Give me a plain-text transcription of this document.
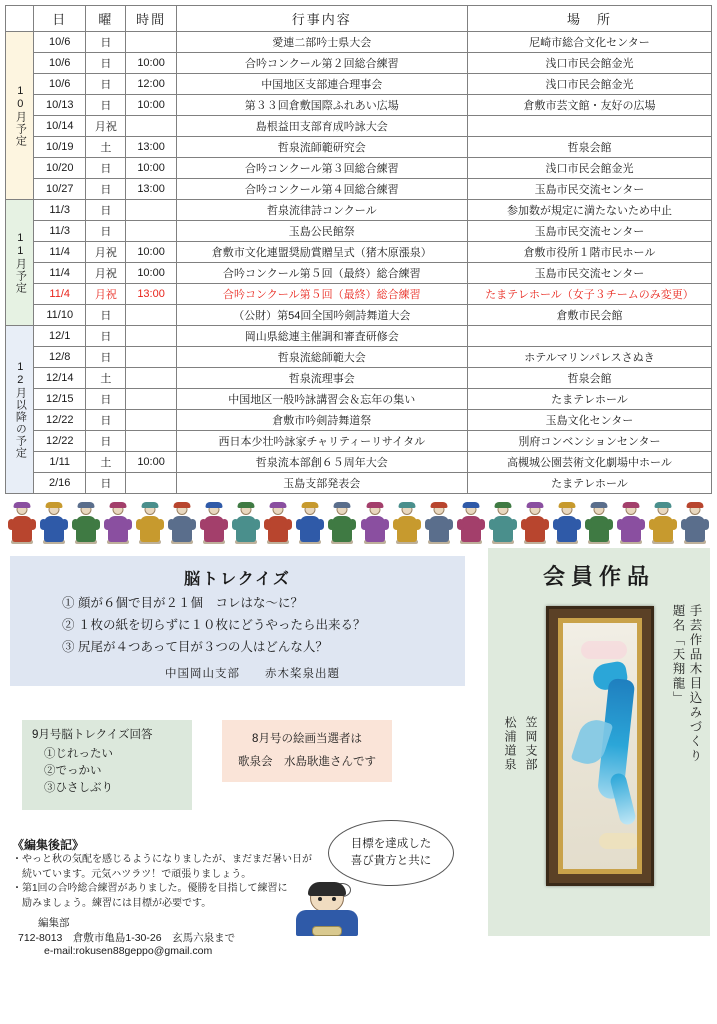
	日	曜	時間	行事内容	場　所
10月予定	10/6	日		愛連二部吟士県大会	尼崎市総合文化センター
	10/6	日	10:00	合吟コンクール第２回総合練習	浅口市民会館金光
	10/6	日	12:00	中国地区支部連合理事会	浅口市民会館金光
	10/13	日	10:00	第３３回倉敷国際ふれあい広場	倉敷市芸文館・友好の広場
	10/14	月祝		島根益田支部育成吟詠大会	
	10/19	土	13:00	哲泉流師範研究会	哲泉会館
	10/20	日	10:00	合吟コンクール第３回総合練習	浅口市民会館金光
	10/27	日	13:00	合吟コンクール第４回総合練習	玉島市民交流センター
11月予定	11/3	日		哲泉流律詩コンクール	参加数が規定に満たないため中止
	11/3	日		玉島公民館祭	玉島市民交流センター
	11/4	月祝	10:00	倉敷市文化連盟奨励賞贈呈式（猪木原漲泉）	倉敷市役所１階市民ホール
	11/4	月祝	10:00	合吟コンクール第５回（最終）総合練習	玉島市民交流センター
	11/4	月祝	13:00	合吟コンクール第５回（最終）総合練習	たまテレホール（女子３チームのみ変更）
	11/10	日		（公財）第54回全国吟剣詩舞道大会	倉敷市民会館
12月以降の予定	12/1	日		岡山県総連主催調和審査研修会	
	12/8	日		哲泉流総師範大会	ホテルマリンパレスさぬき
	12/14	土		哲泉流理事会	哲泉会館
	12/15	日		中国地区一般吟詠講習会＆忘年の集い	たまテレホール
	12/22	日		倉敷市吟剣詩舞道祭	玉島文化センター
	12/22	日		西日本少壮吟詠家チャリティーリサイタル	別府コンベンションセンター
	1/11	土	10:00	哲泉流本部創６５周年大会	高槻城公園芸術文化劇場中ホール
	2/16	日		玉島支部発表会	たまテレホール
脳トレクイズ
① 顔が６個で目が２１個　コレはな～に？
② １枚の紙を切らずに１０枚にどうやったら出来る？
③ 尻尾が４つあって目が３つの人はどんな人？
中国岡山支部　　赤木桨泉出題
9月号脳トレクイズ回答
①じれったい
②でっかい
③ひさしぶり
8月号の絵画当選者は
歌泉会　水島耿進さんです
目標を達成した
喜び貴方と共に
《編集後記》
・やっと秋の気配を感じるようになりましたが、まだまだ暑い日が
　続いています。元気ハツラツ！で頑張りましょう。
・第1回の合吟総合練習がありました。優勝を目指して練習に
　励みましょう。練習には目標が必要です。
編集部
712-8013　倉敷市亀島1-30-26　玄馬六泉まで
e-mail:rokusen88geppo@gmail.com
会員作品
手芸作品木目込みづくり
題名「天翔龍」
笠岡支部
松浦道泉
